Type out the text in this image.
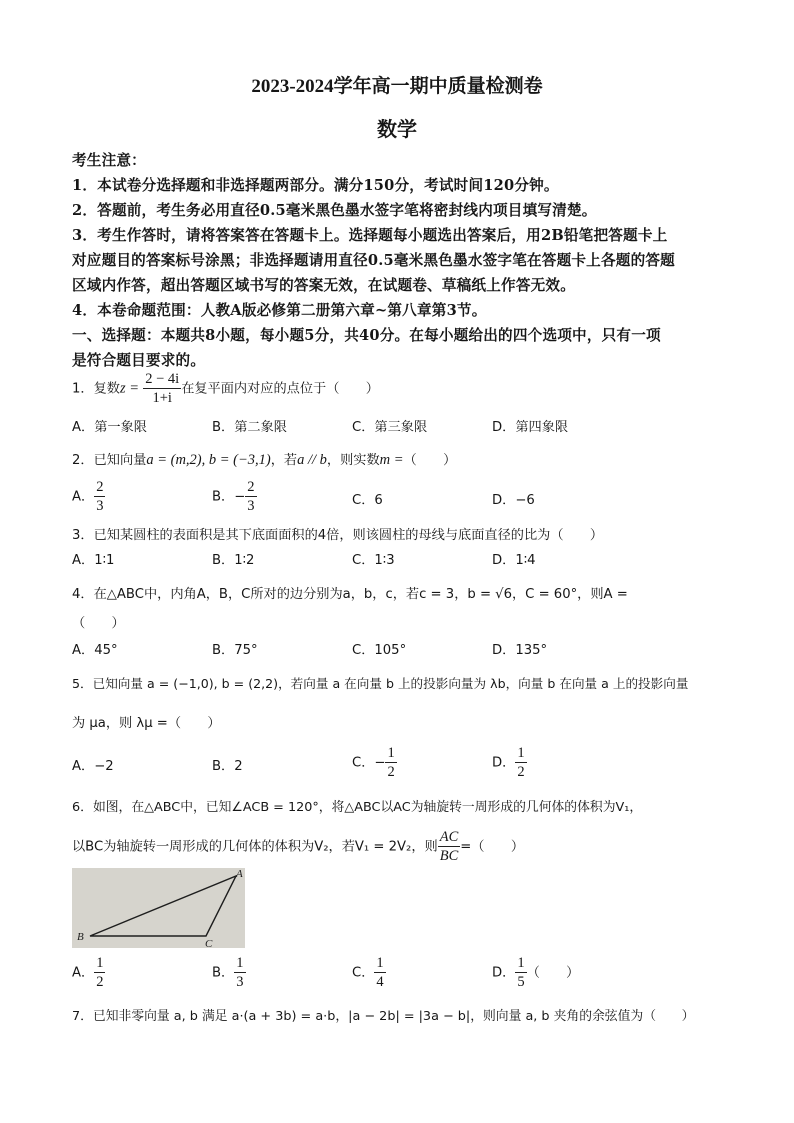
2023-2024学年高一期中质量检测卷
数学
考生注意：
1．本试卷分选择题和非选择题两部分。满分150分，考试时间120分钟。
2．答题前，考生务必用直径0.5毫米黑色墨水签字笔将密封线内项目填写清楚。
3．考生作答时，请将答案答在答题卡上。选择题每小题选出答案后，用2B铅笔把答题卡上
对应题目的答案标号涂黑；非选择题请用直径0.5毫米黑色墨水签字笔在答题卡上各题的答题
区域内作答，超出答题区域书写的答案无效，在试题卷、草稿纸上作答无效。
4．本卷命题范围：人教A版必修第二册第六章~第八章第3节。
一、选择题：本题共8小题，每小题5分，共40分。在每小题给出的四个选项中，只有一项
是符合题目要求的。
1．复数$z = \frac{2 - 4i}{1+i}$ 在复平面内对应的点位于（　　）
A．第一象限	B．第二象限	C．第三象限	D．第四象限
2．已知向量a = (m,2), b = (−3,1)，若a // b，则实数m =（　　）
A． $\frac{2}{3}$	B．− $\frac{2}{3}$	C．6	D．−6
3．已知某圆柱的表面积是其下底面面积的4倍，则该圆柱的母线与底面直径的比为（　　）
A．1∶1	B．1∶2	C．1∶3	D．1∶4
4．在△ABC中，内角A，B，C所对的边分别为a，b，c，若c = 3，b = √6，C = 60°，则A =
（　　）
A．45°	B．75°	C．105°	D．135°
5．已知向量 a = (−1,0), b = (2,2)，若向量 a 在向量 b 上的投影向量为 λb，向量 b 在向量 a 上的投影向量
为 μa，则 λμ =（　　）
A．−2	B．2	C．− $\frac{1}{2}$	D． $\frac{1}{2}$
6．如图，在△ABC中，已知∠ACB = 120°，将△ABC以AC为轴旋转一周形成的几何体的体积为V₁，
以BC为轴旋转一周形成的几何体的体积为V₂，若V₁ = 2V₂，则 $\frac{AC}{BC}$ =（　　）
A
B
C
A． $\frac{1}{2}$	B． $\frac{1}{3}$	C． $\frac{1}{4}$	D． $\frac{1}{5}$ （　　）
7．已知非零向量 a, b 满足 a·(a + 3b) = a·b，|a − 2b| = |3a − b|，则向量 a, b 夹角的余弦值为（　　）
